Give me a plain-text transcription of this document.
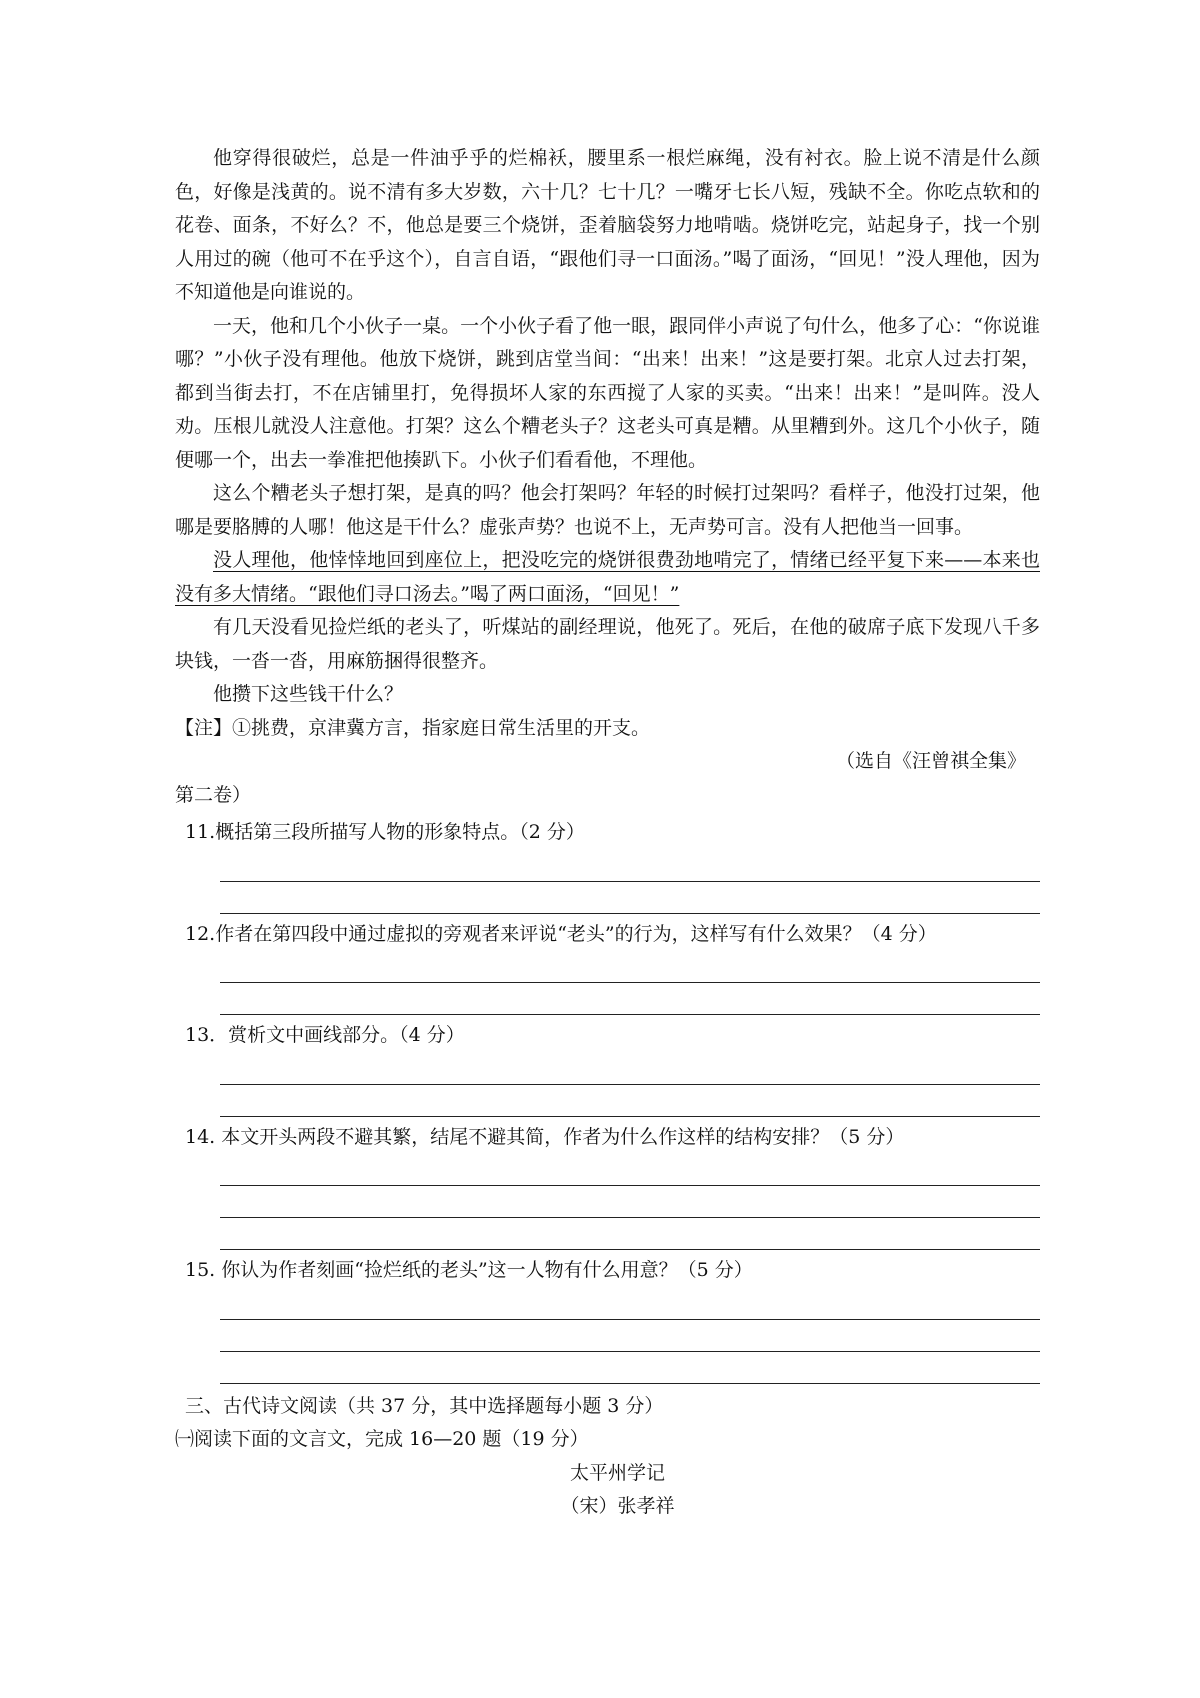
他穿得很破烂，总是一件油乎乎的烂棉袄，腰里系一根烂麻绳，没有衬衣。脸上说不清是什么颜色，好像是浅黄的。说不清有多大岁数，六十几？七十几？一嘴牙七长八短，残缺不全。你吃点软和的花卷、面条，不好么？不，他总是要三个烧饼，歪着脑袋努力地啃啮。烧饼吃完，站起身子，找一个别人用过的碗（他可不在乎这个），自言自语，“跟他们寻一口面汤。”喝了面汤，“回见！”没人理他，因为不知道他是向谁说的。

一天，他和几个小伙子一桌。一个小伙子看了他一眼，跟同伴小声说了句什么，他多了心：“你说谁哪？”小伙子没有理他。他放下烧饼，跳到店堂当间：“出来！出来！”这是要打架。北京人过去打架，都到当街去打，不在店铺里打，免得损坏人家的东西搅了人家的买卖。“出来！出来！”是叫阵。没人劝。压根儿就没人注意他。打架？这么个糟老头子？这老头可真是糟。从里糟到外。这几个小伙子，随便哪一个，出去一拳准把他揍趴下。小伙子们看看他，不理他。

这么个糟老头子想打架，是真的吗？他会打架吗？年轻的时候打过架吗？看样子，他没打过架，他哪是要胳膊的人哪！他这是干什么？虚张声势？也说不上，无声势可言。没有人把他当一回事。

没人理他，他悻悻地回到座位上，把没吃完的烧饼很费劲地啃完了，情绪已经平复下来——本来也没有多大情绪。“跟他们寻口汤去。”喝了两口面汤，“回见！”

有几天没看见捡烂纸的老头了，听煤站的副经理说，他死了。死后，在他的破席子底下发现八千多块钱，一沓一沓，用麻筋捆得很整齐。

他攒下这些钱干什么？

【注】①挑费，京津冀方言，指家庭日常生活里的开支。

（选自《汪曾祺全集》

第二卷）

11.概括第三段所描写人物的形象特点。（2 分）

12.作者在第四段中通过虚拟的旁观者来评说“老头”的行为，这样写有什么效果？（4 分）

13．赏析文中画线部分。（4 分）

14. 本文开头两段不避其繁，结尾不避其简，作者为什么作这样的结构安排？（5 分）

15. 你认为作者刻画“捡烂纸的老头”这一人物有什么用意？（5 分）

三、古代诗文阅读（共 37 分，其中选择题每小题 3 分）

㈠阅读下面的文言文，完成 16—20 题（19 分）

太平州学记

（宋）张孝祥
